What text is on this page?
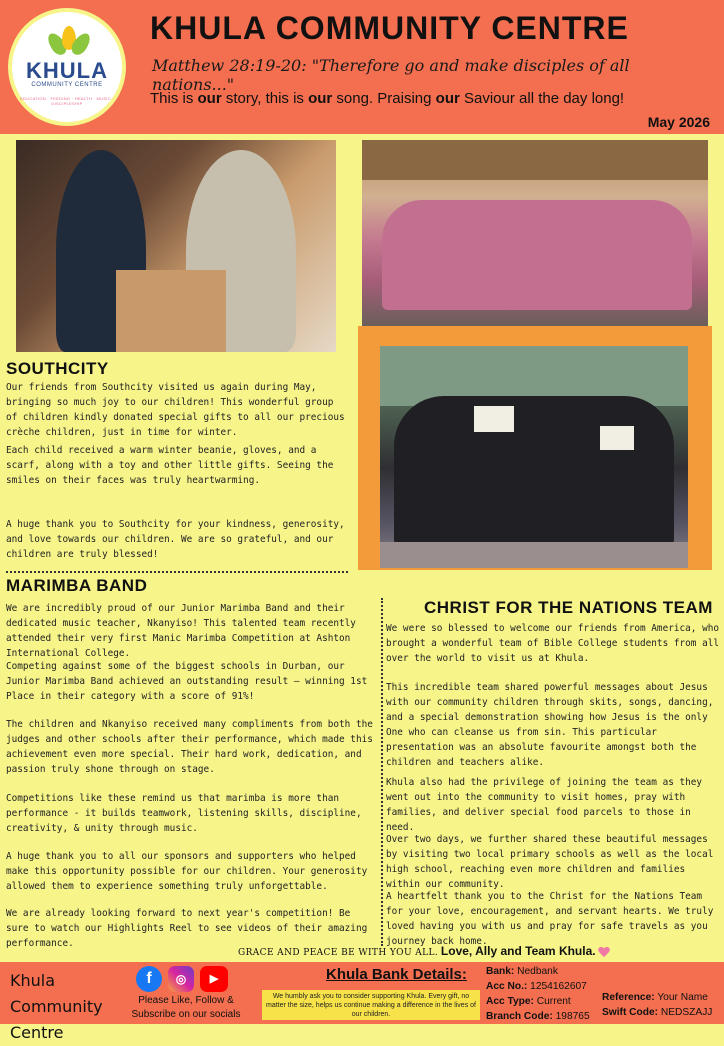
KHULA
COMMUNITY CENTRE
EDUCATION · FEEDING · HEALTH · MUSIC · DISCIPLESHIP
KHULA COMMUNITY CENTRE
Matthew 28:19-20: "Therefore go and make disciples of all nations..."
This is our story, this is our song. Praising our Saviour all the day long!
May 2026
SOUTHCITY
Our friends from Southcity visited us again during May, bringing so much joy to our children! This wonderful group of children kindly donated special gifts to all our precious crèche children, just in time for winter.
Each child received a warm winter beanie, gloves, and a scarf, along with a toy and other little gifts. Seeing the smiles on their faces was truly heartwarming.
A huge thank you to Southcity for your kindness, generosity, and love towards our children. We are so grateful, and our children are truly blessed!
MARIMBA BAND
We are incredibly proud of our Junior Marimba Band and their dedicated music teacher, Nkanyiso! This talented team recently attended their very first Manic Marimba Competition at Ashton International College.
Competing against some of the biggest schools in Durban, our Junior Marimba Band achieved an outstanding result — winning 1st Place in their category with a score of 91%!
The children and Nkanyiso received many compliments from both the judges and other schools after their performance, which made this achievement even more special. Their hard work, dedication, and passion truly shone through on stage.
Competitions like these remind us that marimba is more than performance - it builds teamwork, listening skills, discipline, creativity, & unity through music.
A huge thank you to all our sponsors and supporters who helped make this opportunity possible for our children. Your generosity allowed them to experience something truly unforgettable.
We are already looking forward to next year's competition! Be sure to watch our Highlights Reel to see videos of their amazing performance.
CHRIST FOR THE NATIONS TEAM
We were so blessed to welcome our friends from America, who brought a wonderful team of Bible College students from all over the world to visit us at Khula.
This incredible team shared powerful messages about Jesus with our community children through skits, songs, dancing, and a special demonstration showing how Jesus is the only One who can cleanse us from sin. This particular presentation was an absolute favourite amongst both the children and teachers alike.
Khula also had the privilege of joining the team as they went out into the community to visit homes, pray with families, and deliver special food parcels to those in need.
Over two days, we further shared these beautiful messages by visiting two local primary schools as well as the local high school, reaching even more children and families within our community.
A heartfelt thank you to the Christ for the Nations Team for your love, encouragement, and servant hearts. We truly loved having you with us and pray for safe travels as you journey back home.
GRACE AND PEACE BE WITH YOU ALL. Love, Ally and Team Khula.
Khula Community
Centre
f	◎	▶
Please Like, Follow & Subscribe on our socials
Khula Bank Details:
We humbly ask you to consider supporting Khula. Every gift, no matter the size, helps us continue making a difference in the lives of our children.
Bank: Nedbank
Acc No.: 1254162607
Acc Type: Current
Branch Code: 198765
Reference: Your Name
Swift Code: NEDSZAJJ
